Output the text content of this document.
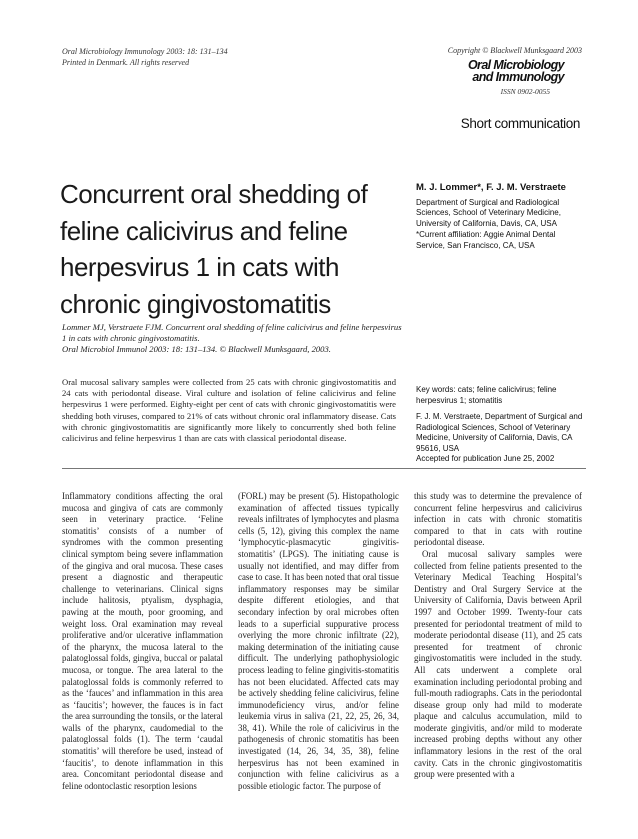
Oral Microbiology Immunology 2003: 18: 131–134
Printed in Denmark. All rights reserved
Copyright © Blackwell Munksgaard 2003
Oral Microbiology
and Immunology
ISSN 0902-0055
Short communication
Concurrent oral shedding of feline calicivirus and feline herpesvirus 1 in cats with chronic gingivostomatitis
M. J. Lommer*, F. J. M. Verstraete
Department of Surgical and Radiological Sciences, School of Veterinary Medicine, University of California, Davis, CA, USA
*Current affiliation: Aggie Animal Dental Service, San Francisco, CA, USA
Lommer MJ, Verstraete FJM. Concurrent oral shedding of feline calicivirus and feline herpesvirus 1 in cats with chronic gingivostomatitis.
Oral Microbiol Immunol 2003: 18: 131–134. © Blackwell Munksgaard, 2003.
Oral mucosal salivary samples were collected from 25 cats with chronic gingivostomatitis and 24 cats with periodontal disease. Viral culture and isolation of feline calicivirus and feline herpesvirus 1 were performed. Eighty-eight per cent of cats with chronic gingivostomatitis were shedding both viruses, compared to 21% of cats without chronic oral inflammatory disease. Cats with chronic gingivostomatitis are significantly more likely to concurrently shed both feline calicivirus and feline herpesvirus 1 than are cats with classical periodontal disease.

Key words: cats; feline calicivirus; feline herpesvirus 1; stomatitis

F. J. M. Verstraete, Department of Surgical and Radiological Sciences, School of Veterinary Medicine, University of California, Davis, CA 95616, USA

Accepted for publication June 25, 2002

Inflammatory conditions affecting the oral mucosa and gingiva of cats are commonly seen in veterinary practice. ‘Feline stomatitis’ consists of a number of syndromes with the common presenting clinical symptom being severe inflammation of the gingiva and oral mucosa. These cases present a diagnostic and therapeutic challenge to veterinarians. Clinical signs include halitosis, ptyalism, dysphagia, pawing at the mouth, poor grooming, and weight loss. Oral examination may reveal proliferative and/or ulcerative inflammation of the pharynx, the mucosa lateral to the palatoglossal folds, gingiva, buccal or palatal mucosa, or tongue. The area lateral to the palatoglossal folds is commonly referred to as the ‘fauces’ and inflammation in this area as ‘faucitis’; however, the fauces is in fact the area surrounding the tonsils, or the lateral walls of the pharynx, caudomedial to the palatoglossal folds (1). The term ‘caudal stomatitis’ will therefore be used, instead of ‘faucitis’, to denote inflammation in this area. Concomitant periodontal disease and feline odontoclastic resorption lesions

(FORL) may be present (5). Histopathologic examination of affected tissues typically reveals infiltrates of lymphocytes and plasma cells (5, 12), giving this complex the name ‘lymphocytic-plasmacytic gingivitis-stomatitis’ (LPGS). The initiating cause is usually not identified, and may differ from case to case. It has been noted that oral tissue inflammatory responses may be similar despite different etiologies, and that secondary infection by oral microbes often leads to a superficial suppurative process overlying the more chronic infiltrate (22), making determination of the initiating cause difficult. The underlying pathophysiologic process leading to feline gingivitis-stomatitis has not been elucidated. Affected cats may be actively shedding feline calicivirus, feline immunodeficiency virus, and/or feline leukemia virus in saliva (21, 22, 25, 26, 34, 38, 41). While the role of calicivirus in the pathogenesis of chronic stomatitis has been investigated (14, 26, 34, 35, 38), feline herpesvirus has not been examined in conjunction with feline calicivirus as a possible etiologic factor. The purpose of

this study was to determine the prevalence of concurrent feline herpesvirus and calicivirus infection in cats with chronic stomatitis compared to that in cats with routine periodontal disease.

Oral mucosal salivary samples were collected from feline patients presented to the Veterinary Medical Teaching Hospital’s Dentistry and Oral Surgery Service at the University of California, Davis between April 1997 and October 1999. Twenty-four cats presented for periodontal treatment of mild to moderate periodontal disease (11), and 25 cats presented for treatment of chronic gingivostomatitis were included in the study. All cats underwent a complete oral examination including periodontal probing and full-mouth radiographs. Cats in the periodontal disease group only had mild to moderate plaque and calculus accumulation, mild to moderate gingivitis, and/or mild to moderate increased probing depths without any other inflammatory lesions in the rest of the oral cavity. Cats in the chronic gingivostomatitis group were presented with a
